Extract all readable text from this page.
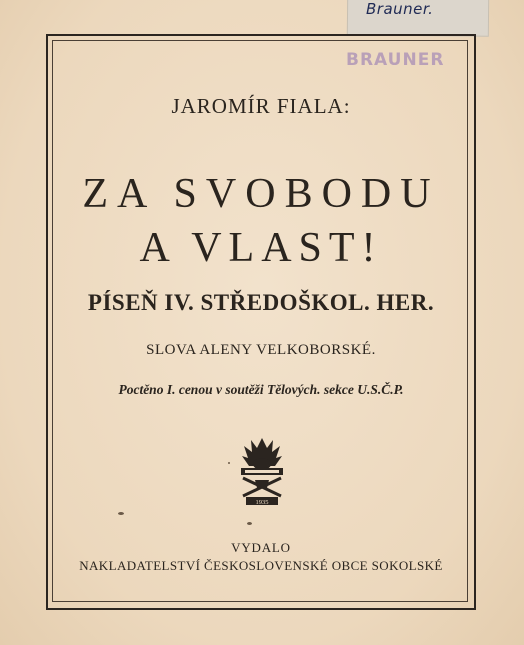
Brauner.
BRAUNER
JAROMÍR FIALA:
ZA SVOBODU
A VLAST!
PÍSEŇ IV. STŘEDOŠKOL. HER.
SLOVA ALENY VELKOBORSKÉ.
Poctěno I. cenou v soutěži Tělových. sekce U.S.Č.P.
1935
VYDALO
NAKLADATELSTVÍ ČESKOSLOVENSKÉ OBCE SOKOLSKÉ
